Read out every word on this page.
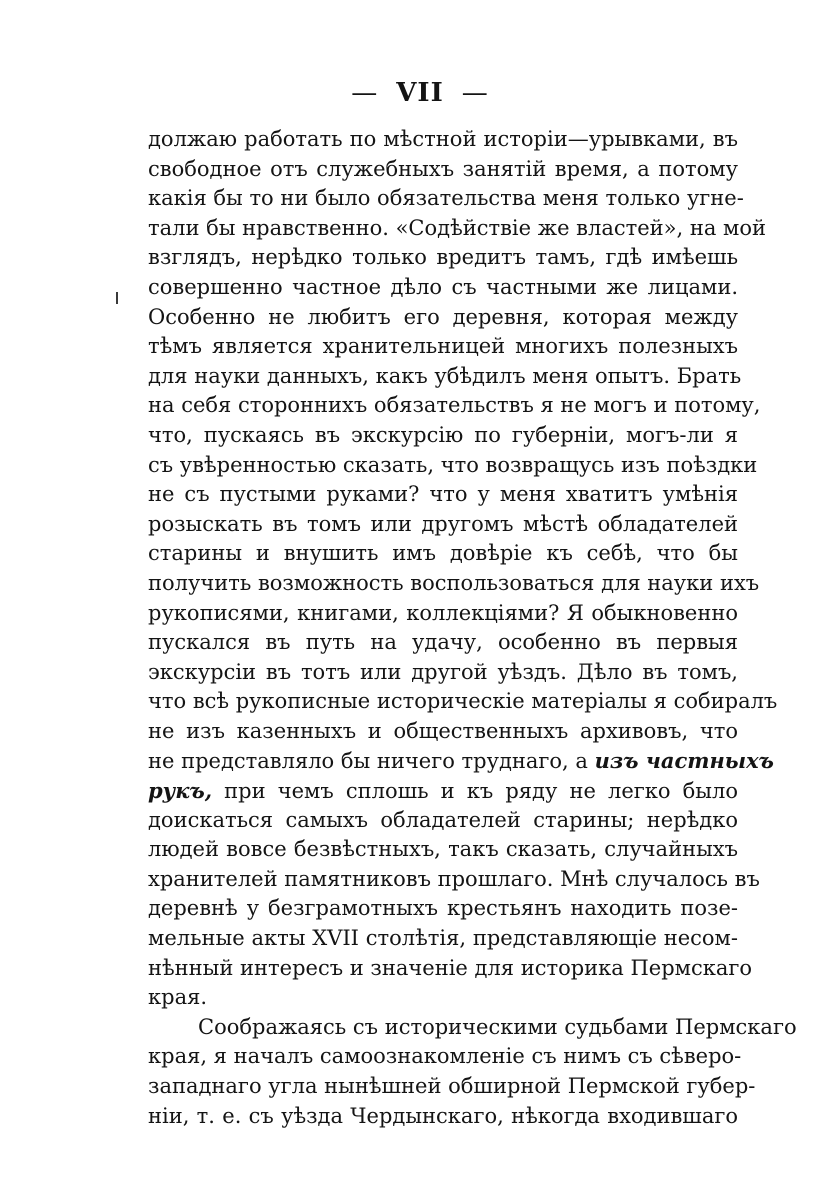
— VII —
долж​аю работать по мѣстной исторіи—урывками, въ
свободное отъ служебныхъ занятій время, а потому
какія бы то ни было обязательства меня только угне-
тали бы нравственно. «Содѣйствіе же властей», на мой
взглядъ, нерѣдко только вредитъ тамъ, гдѣ имѣешь
совершенно частное дѣло съ частными же лицами.
Особенно не любитъ его деревня, которая между
тѣмъ является хранительницей многихъ полезныхъ
для науки данныхъ, какъ убѣдилъ меня опытъ. Брать
на себя стороннихъ обязательствъ я не могъ и потому,
что, пускаясь въ экскурсію по губерніи, могъ-ли я
съ увѣренностью сказать, что возвращусь изъ поѣздки
не съ пустыми руками? что у меня хватитъ умѣнія
розыскать въ томъ или другомъ мѣстѣ обладателей
старины и внушить имъ довѣріе къ себѣ, что бы
получить возможность воспользоваться для науки ихъ
рукописями, книгами, коллекціями? Я обыкновенно
пускался въ путь на удачу, особенно въ первыя
экскурсіи въ тотъ или другой уѣздъ. Дѣло въ томъ,
что всѣ рукописные историческіе матеріалы я собиралъ
не изъ казенныхъ и общественныхъ архивовъ, что
не представляло бы ничего труднаго, а изъ частныхъ
рукъ, при чемъ сплошь и къ ряду не легко было
доискаться самыхъ обладателей старины; нерѣдко
людей вовсе безвѣстныхъ, такъ сказать, случайныхъ
хранителей памятниковъ прошлаго. Мнѣ случалось въ
деревнѣ у безграмотныхъ крестьянъ находить позе-
мельные акты XVII столѣтія, представляющіе несом-
нѣнный интересъ и значеніе для историка Пермскаго
края.
Соображаясь съ историческими судьбами Пермскаго
края, я началъ самоознакомленіе съ нимъ съ сѣверо-
западнаго угла нынѣшней обширной Пермской губер-
ніи, т. е. съ уѣзда Чердынскаго, нѣкогда входившаго
